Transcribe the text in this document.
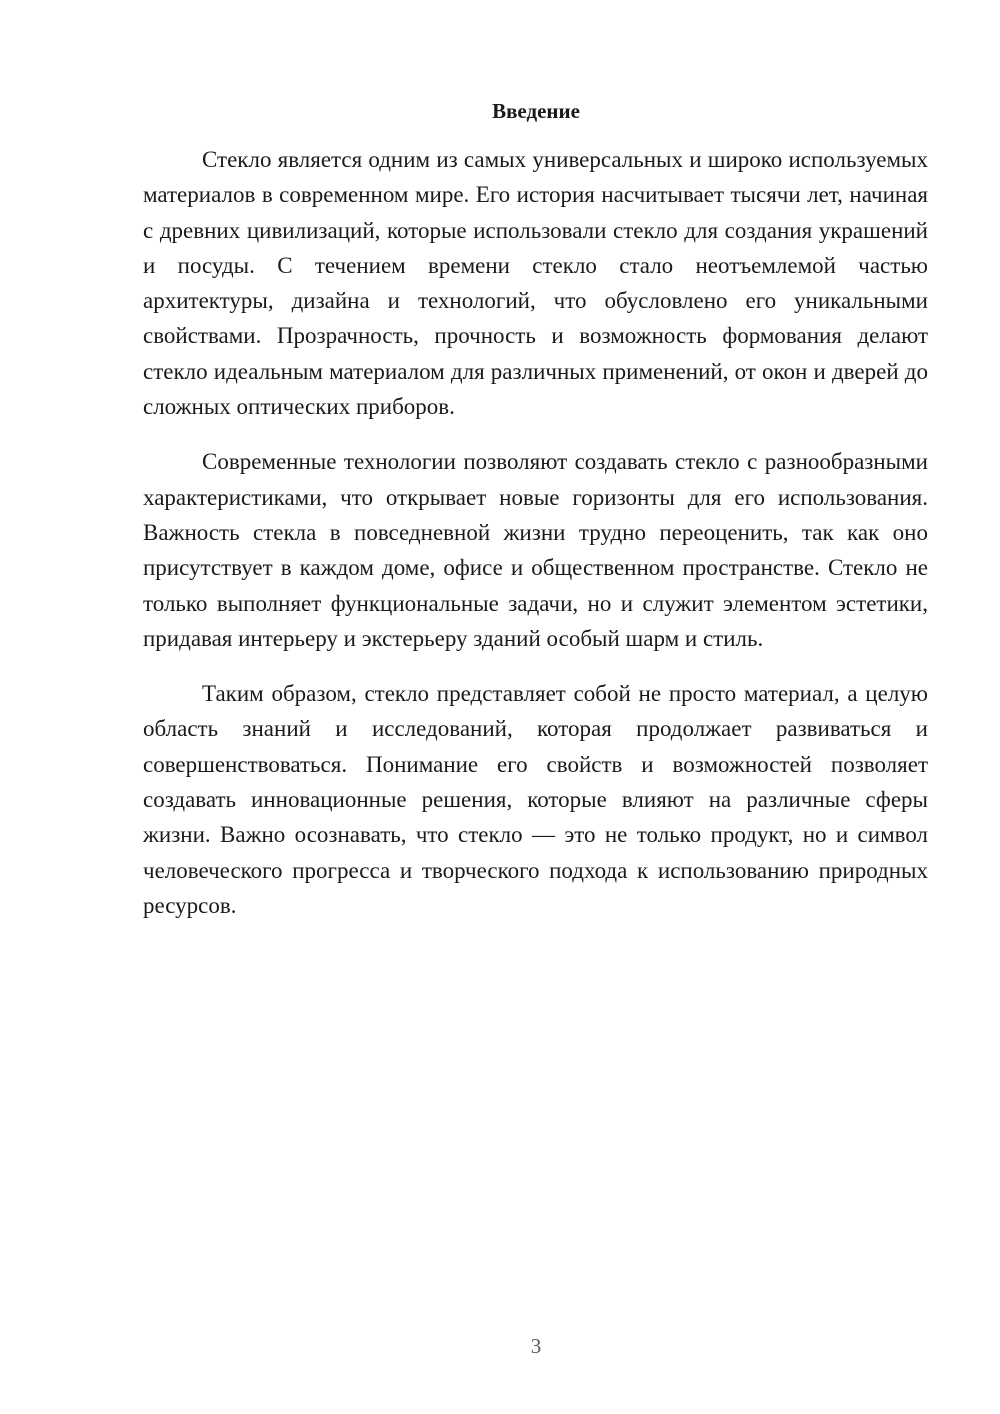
Введение

Стекло является одним из самых универсальных и широко используемых материалов в современном мире. Его история насчитывает тысячи лет, начиная с древних цивилизаций, которые использовали стекло для создания украшений и посуды. С течением времени стекло стало неотъемлемой частью архитектуры, дизайна и технологий, что обусловлено его уникальными свойствами. Прозрачность, прочность и возможность формования делают стекло идеальным материалом для различных применений, от окон и дверей до сложных оптических приборов.

Современные технологии позволяют создавать стекло с разнообразными характеристиками, что открывает новые горизонты для его использования. Важность стекла в повседневной жизни трудно переоценить, так как оно присутствует в каждом доме, офисе и общественном пространстве. Стекло не только выполняет функциональные задачи, но и служит элементом эстетики, придавая интерьеру и экстерьеру зданий особый шарм и стиль.

Таким образом, стекло представляет собой не просто материал, а целую область знаний и исследований, которая продолжает развиваться и совершенствоваться. Понимание его свойств и возможностей позволяет создавать инновационные решения, которые влияют на различные сферы жизни. Важно осознавать, что стекло — это не только продукт, но и символ человеческого прогресса и творческого подхода к использованию природных ресурсов.

3
